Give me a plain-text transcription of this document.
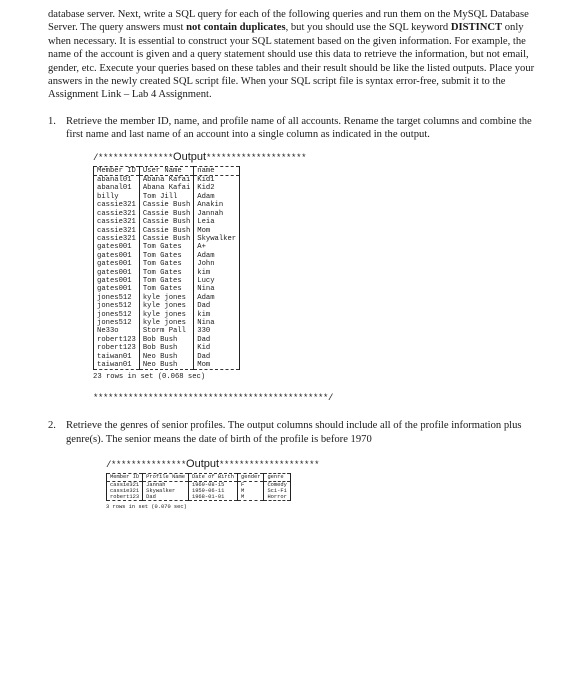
database server. Next, write a SQL query for each of the following queries and run them on the MySQL Database Server. The query answers must not contain duplicates, but you should use the SQL keyword DISTINCT only when necessary. It is essential to construct your SQL statement based on the given information. For example, the name of the account is given and a query statement should use this data to retrieve the information, but not email, gender, etc. Execute your queries based on these tables and their result should be like the listed outputs. Place your answers in the newly created SQL script file. When your SQL script file is syntax error-free, submit it to the Assignment Link – Lab 4 Assignment.

1. Retrieve the member ID, name, and profile name of all accounts. Rename the target columns and combine the first name and last name of an account into a single column as indicated in the output.
/***************Output********************
Member ID	User Name	name
abanal01	Abana Kafai	Kid1
abanal01	Abana Kafai	Kid2
billy	Tom Jill	Adam
cassie321	Cassie Bush	Anakin
cassie321	Cassie Bush	Jannah
cassie321	Cassie Bush	Leia
cassie321	Cassie Bush	Mom
cassie321	Cassie Bush	Skywalker
gates001	Tom Gates	A+
gates001	Tom Gates	Adam
gates001	Tom Gates	John
gates001	Tom Gates	kim
gates001	Tom Gates	Lucy
gates001	Tom Gates	Nina
jones512	kyle jones	Adam
jones512	kyle jones	Dad
jones512	kyle jones	kim
jones512	kyle jones	Nina
Ne33o	Storm Pall	330
robert123	Bob Bush	Dad
robert123	Bob Bush	Kid
taiwan01	Neo Bush	Dad
taiwan01	Neo Bush	Mom
23 rows in set (0.068 sec)
***********************************************/
2. Retrieve the genres of senior profiles. The output columns should include all of the profile information plus genre(s). The senior means the date of birth of the profile is before 1970
/***************Output********************
Member ID	Profile Name	Date of Birth	gender	genre
cassie321	Jannah	1969-08-15	F	Comedy
cassie321	Skywalker	1959-06-11	M	Sci-Fi
robert123	Dad	1968-01-01	M	Horror
3 rows in set (0.070 sec)
